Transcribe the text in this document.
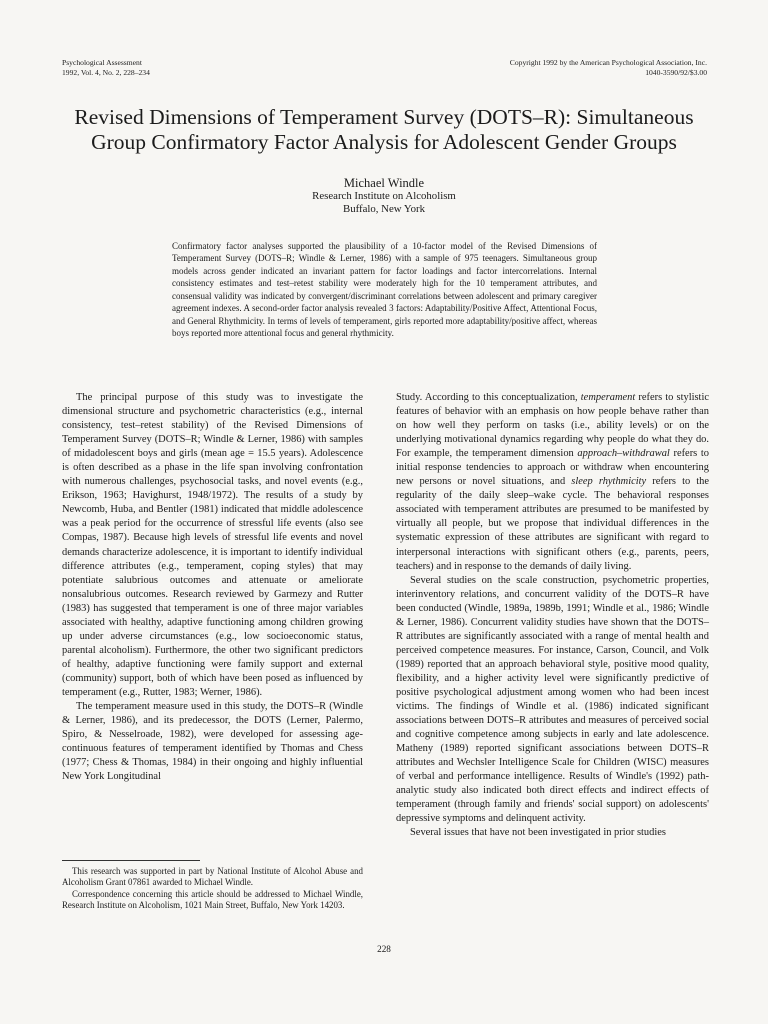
Psychological Assessment
1992, Vol. 4, No. 2, 228–234
Copyright 1992 by the American Psychological Association, Inc.
1040-3590/92/$3.00
Revised Dimensions of Temperament Survey (DOTS–R): Simultaneous
Group Confirmatory Factor Analysis for Adolescent Gender Groups
Michael Windle
Research Institute on Alcoholism
Buffalo, New York
Confirmatory factor analyses supported the plausibility of a 10-factor model of the Revised Dimensions of Temperament Survey (DOTS–R; Windle & Lerner, 1986) with a sample of 975 teenagers. Simultaneous group models across gender indicated an invariant pattern for factor loadings and factor intercorrelations. Internal consistency estimates and test–retest stability were moderately high for the 10 temperament attributes, and consensual validity was indicated by convergent/discriminant correlations between adolescent and primary caregiver agreement indexes. A second-order factor analysis revealed 3 factors: Adaptability/Positive Affect, Attentional Focus, and General Rhythmicity. In terms of levels of temperament, girls reported more adaptability/positive affect, whereas boys reported more attentional focus and general rhythmicity.

The principal purpose of this study was to investigate the dimensional structure and psychometric characteristics (e.g., internal consistency, test–retest stability) of the Revised Dimensions of Temperament Survey (DOTS–R; Windle & Lerner, 1986) with samples of midadolescent boys and girls (mean age = 15.5 years). Adolescence is often described as a phase in the life span involving confrontation with numerous challenges, psychosocial tasks, and novel events (e.g., Erikson, 1963; Havighurst, 1948/1972). The results of a study by Newcomb, Huba, and Bentler (1981) indicated that middle adolescence was a peak period for the occurrence of stressful life events (also see Compas, 1987). Because high levels of stressful life events and novel demands characterize adolescence, it is important to identify individual difference attributes (e.g., temperament, coping styles) that may potentiate salubrious outcomes and attenuate or ameliorate nonsalubrious outcomes. Research reviewed by Garmezy and Rutter (1983) has suggested that temperament is one of three major variables associated with healthy, adaptive functioning among children growing up under adverse circumstances (e.g., low socioeconomic status, parental alcoholism). Furthermore, the other two significant predictors of healthy, adaptive functioning were family support and external (community) support, both of which have been posed as influenced by temperament (e.g., Rutter, 1983; Werner, 1986).

The temperament measure used in this study, the DOTS–R (Windle & Lerner, 1986), and its predecessor, the DOTS (Lerner, Palermo, Spiro, & Nesselroade, 1982), were developed for assessing age-continuous features of temperament identified by Thomas and Chess (1977; Chess & Thomas, 1984) in their ongoing and highly influential New York Longitudinal

This research was supported in part by National Institute of Alcohol Abuse and Alcoholism Grant 07861 awarded to Michael Windle.

Correspondence concerning this article should be addressed to Michael Windle, Research Institute on Alcoholism, 1021 Main Street, Buffalo, New York 14203.

Study. According to this conceptualization, temperament refers to stylistic features of behavior with an emphasis on how people behave rather than on how well they perform on tasks (i.e., ability levels) or on the underlying motivational dynamics regarding why people do what they do. For example, the temperament dimension approach–withdrawal refers to initial response tendencies to approach or withdraw when encountering new persons or novel situations, and sleep rhythmicity refers to the regularity of the daily sleep–wake cycle. The behavioral responses associated with temperament attributes are presumed to be manifested by virtually all people, but we propose that individual differences in the systematic expression of these attributes are significant with regard to interpersonal interactions with significant others (e.g., parents, peers, teachers) and in response to the demands of daily living.

Several studies on the scale construction, psychometric properties, interinventory relations, and concurrent validity of the DOTS–R have been conducted (Windle, 1989a, 1989b, 1991; Windle et al., 1986; Windle & Lerner, 1986). Concurrent validity studies have shown that the DOTS–R attributes are significantly associated with a range of mental health and perceived competence measures. For instance, Carson, Council, and Volk (1989) reported that an approach behavioral style, positive mood quality, flexibility, and a higher activity level were significantly predictive of positive psychological adjustment among women who had been incest victims. The findings of Windle et al. (1986) indicated significant associations between DOTS–R attributes and measures of perceived social and cognitive competence among subjects in early and late adolescence. Matheny (1989) reported significant associations between DOTS–R attributes and Wechsler Intelligence Scale for Children (WISC) measures of verbal and performance intelligence. Results of Windle's (1992) path-analytic study also indicated both direct effects and indirect effects of temperament (through family and friends' social support) on adolescents' depressive symptoms and delinquent activity.

Several issues that have not been investigated in prior studies

228
